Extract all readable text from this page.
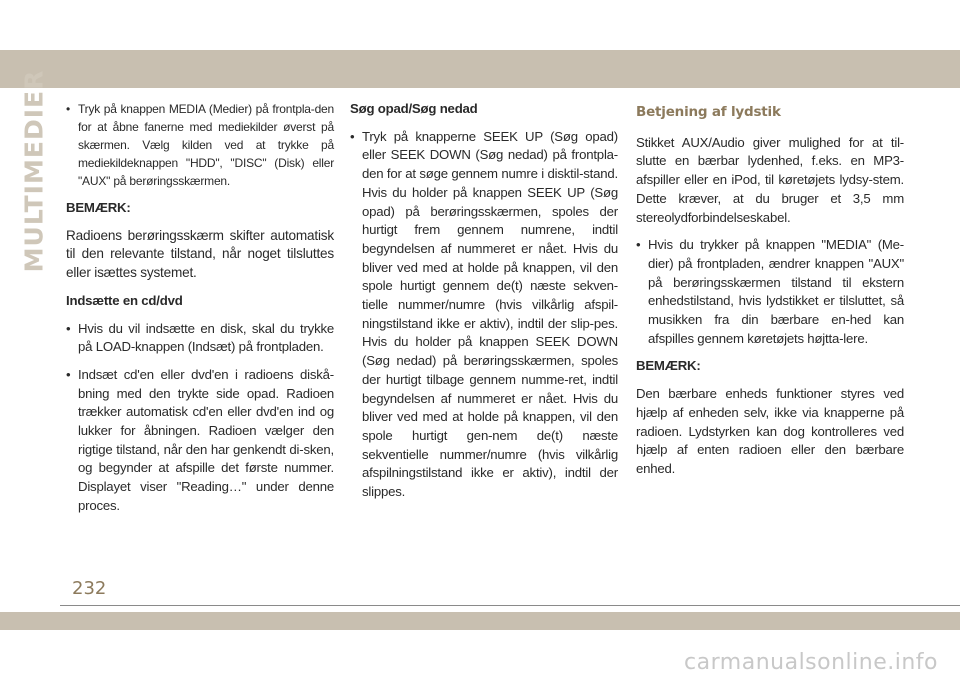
MULTIMEDIER
•	Tryk på knappen MEDIA (Medier) på frontpla-den for at åbne fanerne med mediekilder øverst på skærmen. Vælg kilden ved at trykke på mediekildeknappen "HDD", "DISC" (Disk) eller "AUX" på berøringsskærmen.

BEMÆRK:

Radioens berøringsskærm skifter automatisk til den relevante tilstand, når noget tilsluttes eller isættes systemet.

Indsætte en cd/dvd

• Hvis du vil indsætte en disk, skal du trykke på LOAD-knappen (Indsæt) på frontpladen.
• Indsæt cd'en eller dvd'en i radioens diskå-bning med den trykte side opad. Radioen trækker automatisk cd'en eller dvd'en ind og lukker for åbningen. Radioen vælger den rigtige tilstand, når den har genkendt di-sken, og begynder at afspille det første nummer. Displayet viser "Reading…" under denne proces.

Søg opad/Søg nedad

• Tryk på knapperne SEEK UP (Søg opad) eller SEEK DOWN (Søg nedad) på frontpla-den for at søge gennem numre i disktil-stand. Hvis du holder på knappen SEEK UP (Søg opad) på berøringsskærmen, spoles der hurtigt frem gennem numrene, indtil begyndelsen af nummeret er nået. Hvis du bliver ved med at holde på knappen, vil den spole hurtigt gennem de(t) næste sekven-tielle nummer/numre (hvis vilkårlig afspil-ningstilstand ikke er aktiv), indtil der slip-pes. Hvis du holder på knappen SEEK DOWN (Søg nedad) på berøringsskærmen, spoles der hurtigt tilbage gennem numme-ret, indtil begyndelsen af nummeret er nået. Hvis du bliver ved med at holde på knappen, vil den spole hurtigt gen-nem de(t) næste sekventielle nummer/numre (hvis vilkårlig afspilningstilstand ikke er aktiv), indtil der slippes.
Betjening af lydstik

Stikket AUX/Audio giver mulighed for at til-slutte en bærbar lydenhed, f.eks. en MP3-afspiller eller en iPod, til køretøjets lydsy-stem. Dette kræver, at du bruger et 3,5 mm stereolydforbindelseskabel.

• Hvis du trykker på knappen "MEDIA" (Me-dier) på frontpladen, ændrer knappen "AUX" på berøringsskærmen tilstand til ekstern enhedstilstand, hvis lydstikket er tilsluttet, så musikken fra din bærbare en-hed kan afspilles gennem køretøjets højtta-lere.

BEMÆRK:

Den bærbare enheds funktioner styres ved hjælp af enheden selv, ikke via knapperne på radioen. Lydstyrken kan dog kontrolleres ved hjælp af enten radioen eller den bærbare enhed.

232
carmanualsonline.info
